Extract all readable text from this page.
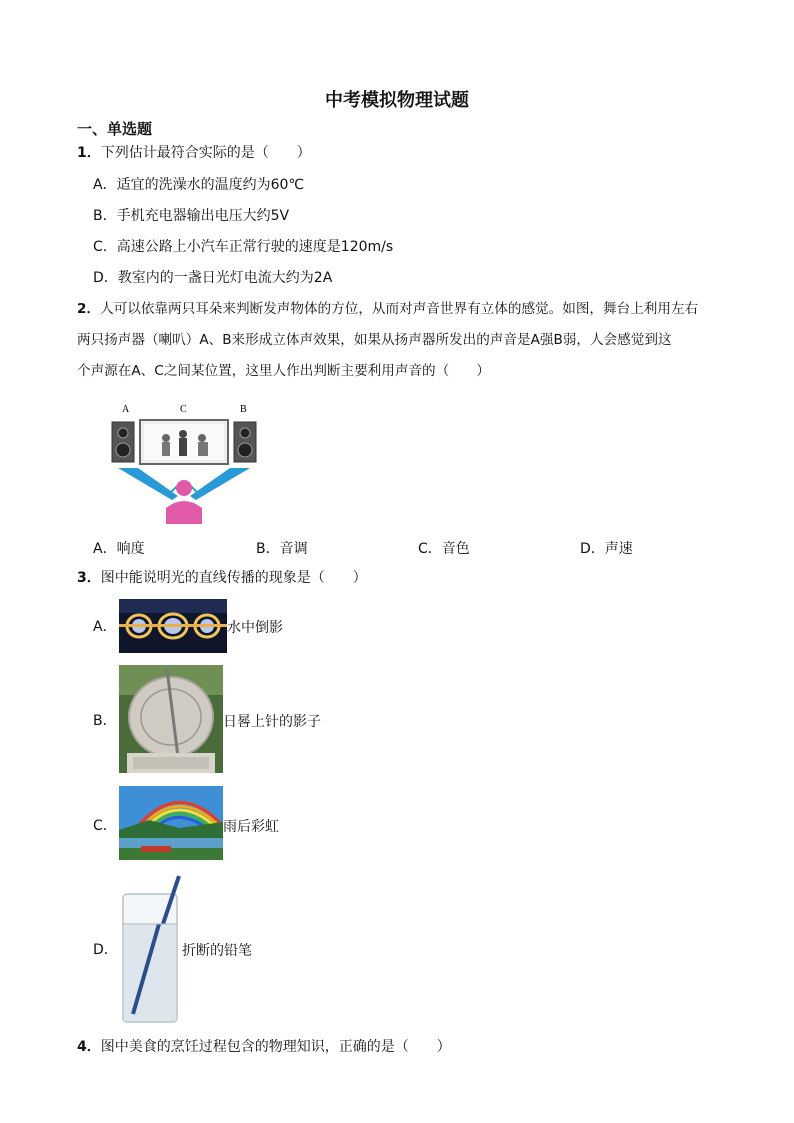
中考模拟物理试题
一、单选题
1．下列估计最符合实际的是（　　）
A．适宜的洗澡水的温度约为60℃
B．手机充电器输出电压大约5V
C．高速公路上小汽车正常行驶的速度是120m/s
D．教室内的一盏日光灯电流大约为2A
2．人可以依靠两只耳朵来判断发声物体的方位，从而对声音世界有立体的感觉。如图，舞台上利用左右
两只扬声器（喇叭）A、B来形成立体声效果，如果从扬声器所发出的声音是A强B弱，人会感觉到这
个声源在A、C之间某位置，这里人作出判断主要利用声音的（　　）
A	C	B
A．响度	B．音调	C．音色	D．声速
3．图中能说明光的直线传播的现象是（　　）
A．	水中倒影
B．	日晷上针的影子
C．	雨后彩虹
D．	折断的铅笔
4．图中美食的烹饪过程包含的物理知识，正确的是（　　）
